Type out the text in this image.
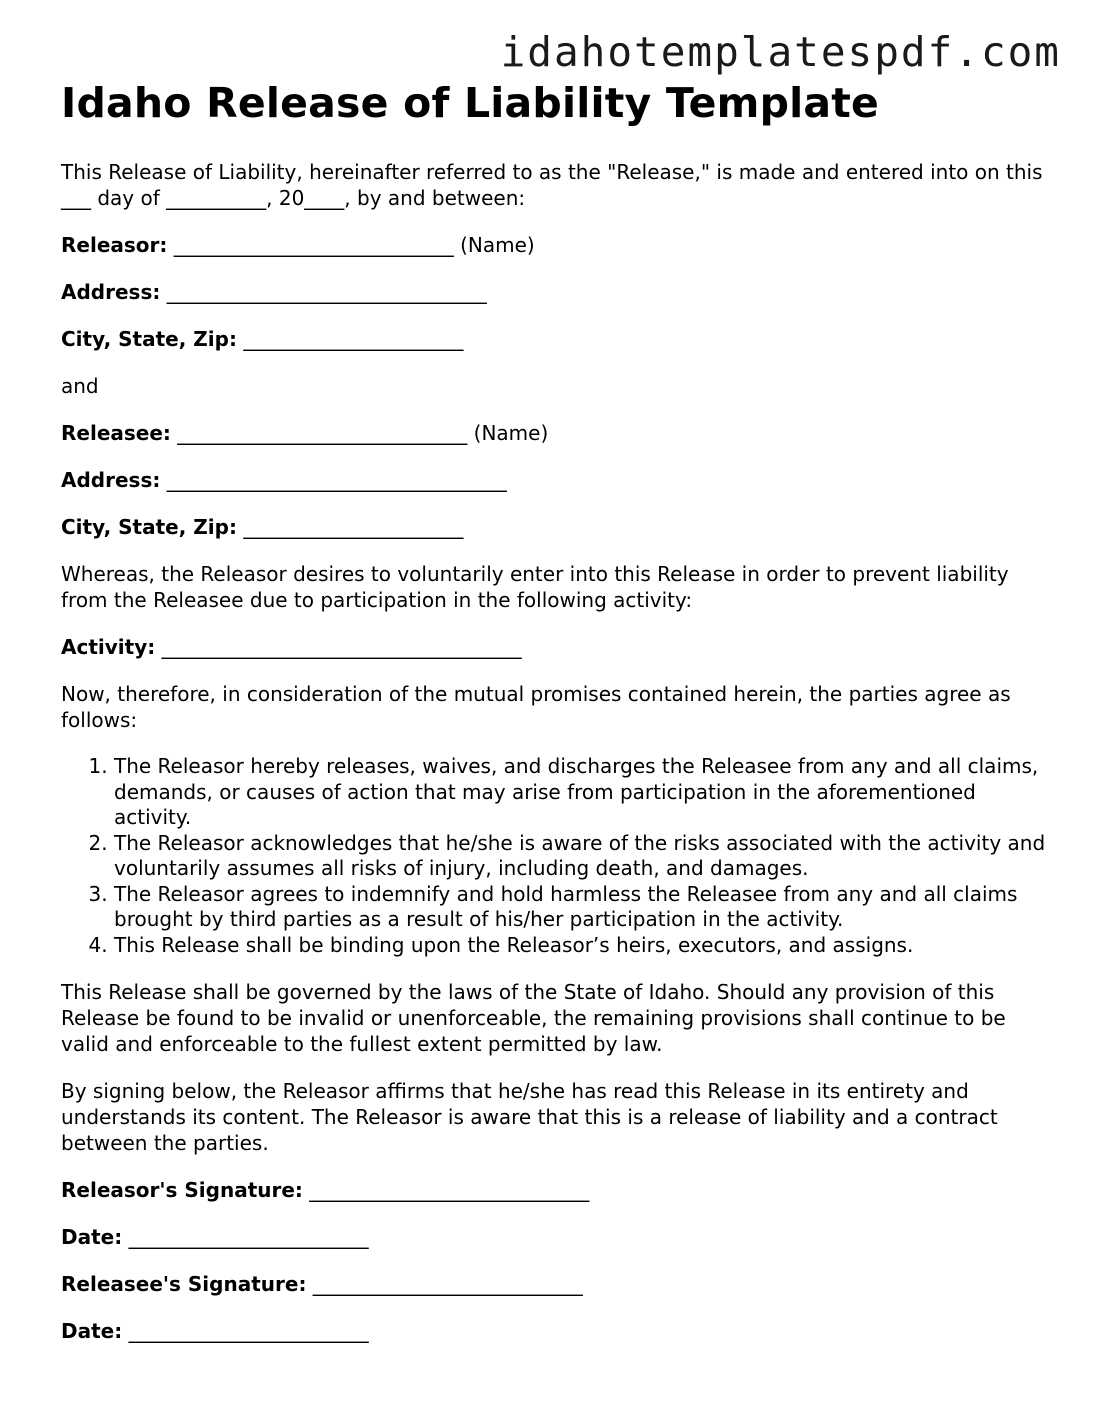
idahotemplatespdf.com
Idaho Release of Liability Template

This Release of Liability, hereinafter referred to as the "Release," is made and entered into on this ___ day of __________, 20____, by and between:

Releasor: ____________________________ (Name)

Address: ________________________________

City, State, Zip: ______________________

and

Releasee: _____________________________ (Name)

Address: __________________________________

City, State, Zip: ______________________

Whereas, the Releasor desires to voluntarily enter into this Release in order to prevent liability from the Releasee due to participation in the following activity:

Activity: ____________________________________

Now, therefore, in consideration of the mutual promises contained herein, the parties agree as follows:

1. The Releasor hereby releases, waives, and discharges the Releasee from any and all claims, demands, or causes of action that may arise from participation in the aforementioned activity.
2. The Releasor acknowledges that he/she is aware of the risks associated with the activity and voluntarily assumes all risks of injury, including death, and damages.
3. The Releasor agrees to indemnify and hold harmless the Releasee from any and all claims brought by third parties as a result of his/her participation in the activity.
4. This Release shall be binding upon the Releasor’s heirs, executors, and assigns.

This Release shall be governed by the laws of the State of Idaho. Should any provision of this Release be found to be invalid or unenforceable, the remaining provisions shall continue to be valid and enforceable to the fullest extent permitted by law.

By signing below, the Releasor affirms that he/she has read this Release in its entirety and understands its content. The Releasor is aware that this is a release of liability and a contract between the parties.

Releasor's Signature: ____________________________

Date: ________________________

Releasee's Signature: ___________________________

Date: ________________________
